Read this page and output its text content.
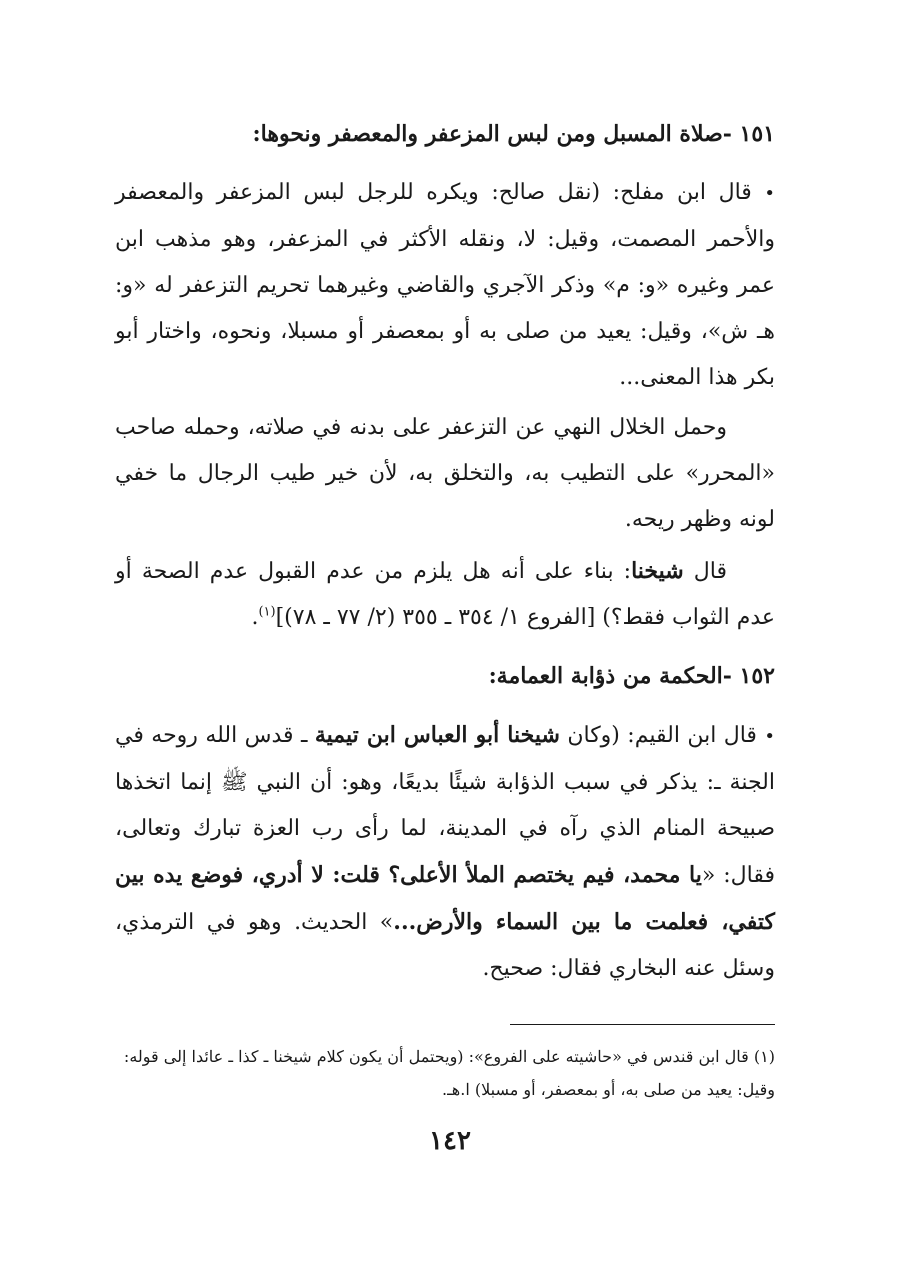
١٥١ -صلاة المسبل ومن لبس المزعفر والمعصفر ونحوها:

• قال ابن مفلح: (نقل صالح: ويكره للرجل لبس المزعفر والمعصفر والأحمر المصمت، وقيل: لا، ونقله الأكثر في المزعفر، وهو مذهب ابن عمر وغيره «و: م» وذكر الآجري والقاضي وغيرهما تحريم التزعفر له «و: هـ ش»، وقيل: يعيد من صلى به أو بمعصفر أو مسبلا، ونحوه، واختار أبو بكر هذا المعنى...

وحمل الخلال النهي عن التزعفر على بدنه في صلاته، وحمله صاحب «المحرر» على التطيب به، والتخلق به، لأن خير طيب الرجال ما خفي لونه وظهر ريحه.

قال شيخنا: بناء على أنه هل يلزم من عدم القبول عدم الصحة أو عدم الثواب فقط؟) [الفروع ١/ ٣٥٤ ـ ٣٥٥ (٢/ ٧٧ ـ ٧٨)]$^{(١)}$.

١٥٢ -الحكمة من ذؤابة العمامة:

• قال ابن القيم: (وكان شيخنا أبو العباس ابن تيمية ـ قدس الله روحه في الجنة ـ: يذكر في سبب الذؤابة شيئًا بديعًا، وهو: أن النبي ﷺ إنما اتخذها صبيحة المنام الذي رآه في المدينة، لما رأى رب العزة تبارك وتعالى، فقال: «يا محمد، فيم يختصم الملأ الأعلى؟ قلت: لا أدري، فوضع يده بين كتفي، فعلمت ما بين السماء والأرض...» الحديث. وهو في الترمذي، وسئل عنه البخاري فقال: صحيح.

(١) قال ابن قندس في «حاشيته على الفروع»: (ويحتمل أن يكون كلام شيخنا ـ كذا ـ عائدا إلى قوله: وقيل: يعيد من صلى به، أو بمعصفر، أو مسبلا) ا.هـ.

١٤٢
